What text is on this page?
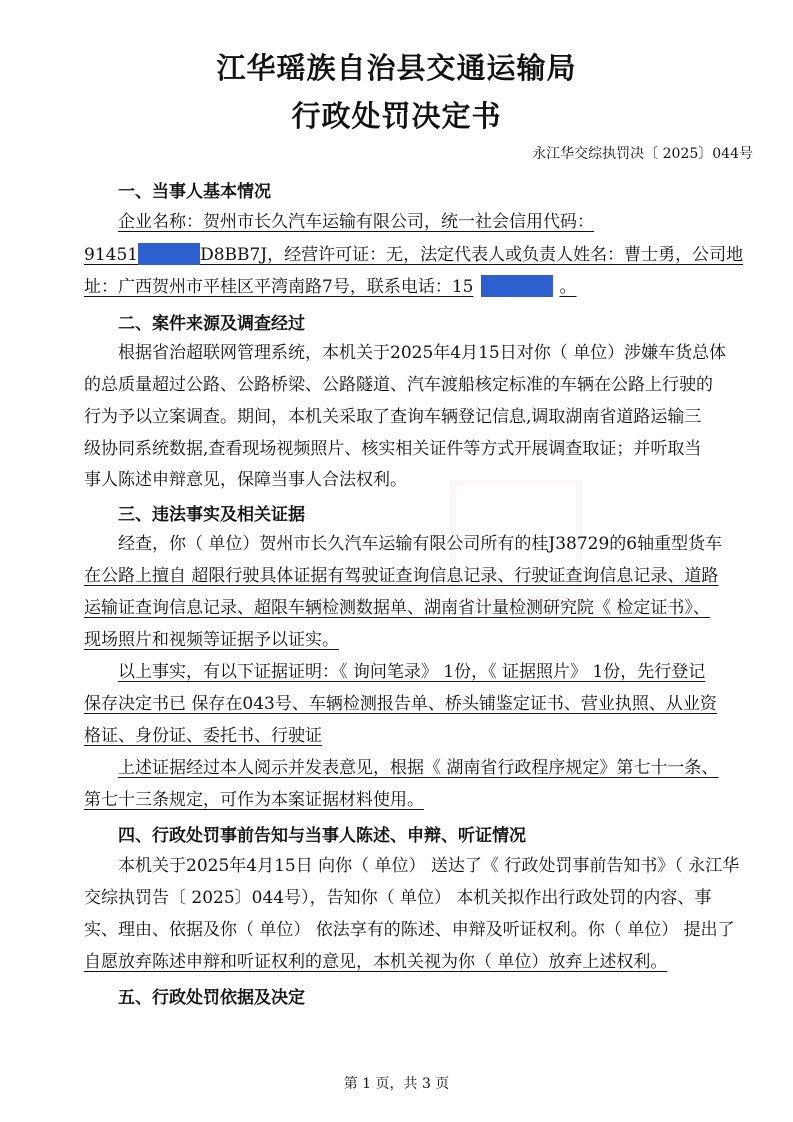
江华瑶族自治县交通运输局
行政处罚决定书
永江华交综执罚决〔 2025〕044号
一、当事人基本情况
企业名称：贺州市长久汽车运输有限公司，统一社会信用代码：
91451	D8BB7J，经营许可证：无，法定代表人或负责人姓名：曹士勇，公司地
址：广西贺州市平桂区平湾南路7号，联系电话：15	。
二、案件来源及调查经过
根据省治超联网管理系统，本机关于2025年4月15日对你（ 单位）涉嫌车货总体
的总质量超过公路、公路桥梁、公路隧道、汽车渡船核定标准的车辆在公路上行驶的
行为予以立案调查。期间，本机关采取了查询车辆登记信息,调取湖南省道路运输三
级协同系统数据,查看现场视频照片、核实相关证件等方式开展调查取证；并听取当
事人陈述申辩意见，保障当事人合法权利。
三、违法事实及相关证据
经查，你（ 单位）贺州市长久汽车运输有限公司所有的桂J38729的6轴重型货车
在公路上擅自 超限行驶具体证据有驾驶证查询信息记录、行驶证查询信息记录、道路
运输证查询信息记录、超限车辆检测数据单、湖南省计量检测研究院《 检定证书》、
现场照片和视频等证据予以证实。
以上事实，有以下证据证明：《 询问笔录》 1份，《 证据照片》 1份，先行登记
保存决定书已 保存在043号、车辆检测报告单、桥头铺鉴定证书、营业执照、从业资
格证、身份证、委托书、行驶证
上述证据经过本人阅示并发表意见，根据《 湖南省行政程序规定》第七十一条、
第七十三条规定，可作为本案证据材料使用。
四、行政处罚事前告知与当事人陈述、申辩、听证情况
本机关于2025年4月15日 向你（ 单位） 送达了《 行政处罚事前告知书》（ 永江华
交综执罚告〔 2025〕044号），告知你（ 单位） 本机关拟作出行政处罚的内容、事
实、理由、依据及你（ 单位） 依法享有的陈述、申辩及听证权利。你（ 单位） 提出了
自愿放弃陈述申辩和听证权利的意见，本机关视为你（ 单位）放弃上述权利。
五、行政处罚依据及决定
第 1 页，共 3 页
